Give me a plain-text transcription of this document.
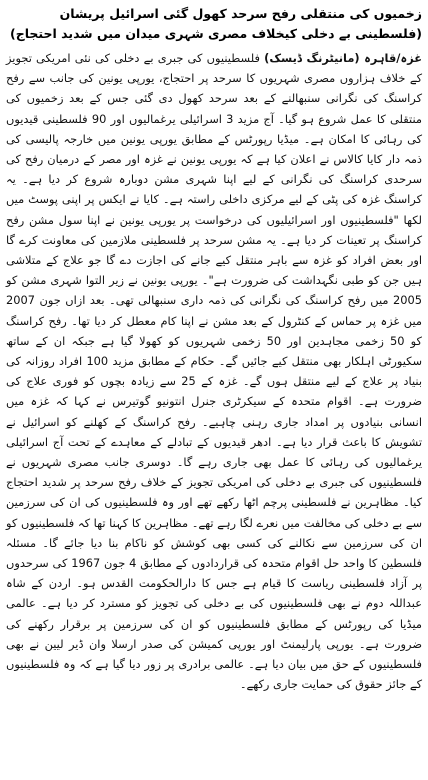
زخمیوں کی منتقلی رفح سرحد کھول گئی اسرائیل پریشان (فلسطینی بے دخلی کیخلاف مصری شہری میدان میں شدید احتجاج)

غزہ/قاہرہ (مانیٹرنگ ڈیسک) فلسطینیوں کی جبری بے دخلی کی نئی امریکی تجویز کے خلاف ہزاروں مصری شہریوں کا سرحد پر احتجاج، یورپی یونین کی جانب سے رفح کراسنگ کی نگرانی سنبھالنے کے بعد سرحد کھول دی گئی جس کے بعد زخمیوں کی منتقلی کا عمل شروع ہو گیا۔ آج مزید 3 اسرائیلی یرغمالیوں اور 90 فلسطینی قیدیوں کی رہائی کا امکان ہے۔ میڈیا رپورٹس کے مطابق یورپی یونین میں خارجہ پالیسی کی ذمہ دار کایا کالاس نے اعلان کیا ہے کہ یورپی یونین نے غزہ اور مصر کے درمیان رفح کی سرحدی کراسنگ کی نگرانی کے لیے اپنا شہری مشن دوبارہ شروع کر دیا ہے۔ یہ کراسنگ غزہ کی پٹی کے لیے مرکزی داخلی راستہ ہے۔ کایا نے ایکس پر اپنی پوسٹ میں لکھا "فلسطینیوں اور اسرائیلیوں کی درخواست پر یورپی یونین نے اپنا سول مشن رفح کراسنگ پر تعینات کر دیا ہے۔ یہ مشن سرحد پر فلسطینی ملازمین کی معاونت کرے گا اور بعض افراد کو غزہ سے باہر منتقل کیے جانے کی اجازت دے گا جو علاج کے متلاشی ہیں جن کو طبی نگہداشت کی ضرورت ہے"۔ یورپی یونین نے زیر التوا شہری مشن کو 2005 میں رفح کراسنگ کی نگرانی کی ذمہ داری سنبھالی تھی۔ بعد ازاں جون 2007 میں غزہ پر حماس کے کنٹرول کے بعد مشن نے اپنا کام معطل کر دیا تھا۔ رفح کراسنگ کو 50 زخمی مجاہدین اور 50 زخمی شہریوں کو کھولا گیا ہے جبکہ ان کے ساتھ سکیورٹی اہلکار بھی منتقل کیے جائیں گے۔ حکام کے مطابق مزید 100 افراد روزانہ کی بنیاد پر علاج کے لیے منتقل ہوں گے۔ غزہ کے 25 سے زیادہ بچوں کو فوری علاج کی ضرورت ہے۔ اقوام متحدہ کے سیکرٹری جنرل انتونیو گوتیرس نے کہا کہ غزہ میں انسانی بنیادوں پر امداد جاری رہنی چاہیے۔ رفح کراسنگ کے کھلنے کو اسرائیل نے تشویش کا باعث قرار دیا ہے۔ ادھر قیدیوں کے تبادلے کے معاہدے کے تحت آج اسرائیلی یرغمالیوں کی رہائی کا عمل بھی جاری رہے گا۔ دوسری جانب مصری شہریوں نے فلسطینیوں کی جبری بے دخلی کی امریکی تجویز کے خلاف رفح سرحد پر شدید احتجاج کیا۔ مظاہرین نے فلسطینی پرچم اٹھا رکھے تھے اور وہ فلسطینیوں کی ان کی سرزمین سے بے دخلی کی مخالفت میں نعرے لگا رہے تھے۔ مظاہرین کا کہنا تھا کہ فلسطینیوں کو ان کی سرزمین سے نکالنے کی کسی بھی کوشش کو ناکام بنا دیا جائے گا۔ مسئلہ فلسطین کا واحد حل اقوام متحدہ کی قراردادوں کے مطابق 4 جون 1967 کی سرحدوں پر آزاد فلسطینی ریاست کا قیام ہے جس کا دارالحکومت القدس ہو۔ اردن کے شاہ عبداللہ دوم نے بھی فلسطینیوں کی بے دخلی کی تجویز کو مسترد کر دیا ہے۔ عالمی میڈیا کی رپورٹس کے مطابق فلسطینیوں کو ان کی سرزمین پر برقرار رکھنے کی ضرورت ہے۔ یورپی پارلیمنٹ اور یورپی کمیشن کی صدر ارسلا وان ڈیر لیین نے بھی فلسطینیوں کے حق میں بیان دیا ہے۔ عالمی برادری پر زور دیا گیا ہے کہ وہ فلسطینیوں کے جائز حقوق کی حمایت جاری رکھے۔
